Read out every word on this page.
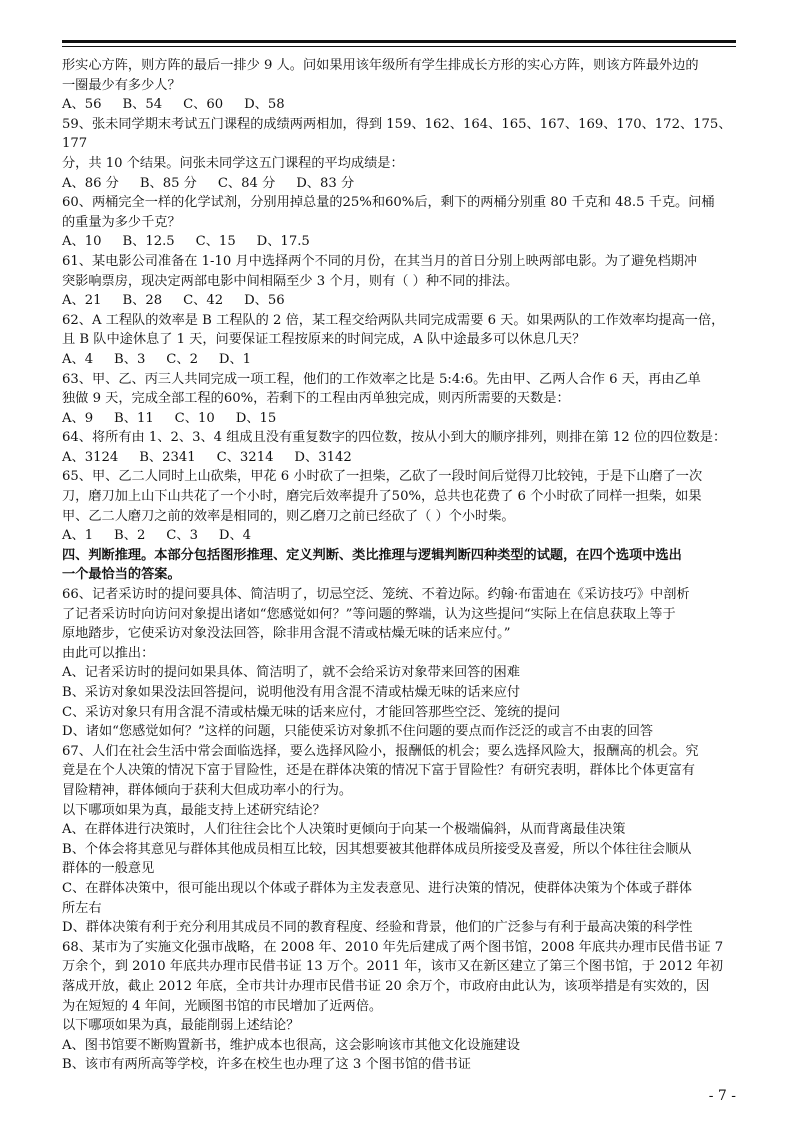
形实心方阵，则方阵的最后一排少 9 人。问如果用该年级所有学生排成长方形的实心方阵，则该方阵最外边的

一圈最少有多少人？

A、56     B、54     C、60     D、58

59、张未同学期末考试五门课程的成绩两两相加，得到 159、162、164、165、167、169、170、172、175、177

分，共 10 个结果。问张未同学这五门课程的平均成绩是：

A、86 分     B、85 分     C、84 分     D、83 分

60、两桶完全一样的化学试剂，分别用掉总量的25%和60%后，剩下的两桶分别重 80 千克和 48.5 千克。问桶

的重量为多少千克？

A、10     B、12.5     C、15     D、17.5

61、某电影公司准备在 1-10 月中选择两个不同的月份，在其当月的首日分别上映两部电影。为了避免档期冲

突影响票房，现决定两部电影中间相隔至少 3 个月，则有（ ）种不同的排法。

A、21     B、28     C、42     D、56

62、A 工程队的效率是 B 工程队的 2 倍，某工程交给两队共同完成需要 6 天。如果两队的工作效率均提高一倍，

且 B 队中途休息了 1 天，问要保证工程按原来的时间完成，A 队中途最多可以休息几天？

A、4     B、3     C、2     D、1

63、甲、乙、丙三人共同完成一项工程，他们的工作效率之比是 5:4:6。先由甲、乙两人合作 6 天，再由乙单

独做 9 天，完成全部工程的60%，若剩下的工程由丙单独完成，则丙所需要的天数是：

A、9     B、11     C、10     D、15

64、将所有由 1、2、3、4 组成且没有重复数字的四位数，按从小到大的顺序排列，则排在第 12 位的四位数是：

A、3124     B、2341     C、3214     D、3142

65、甲、乙二人同时上山砍柴，甲花 6 小时砍了一担柴，乙砍了一段时间后觉得刀比较钝，于是下山磨了一次

刀，磨刀加上山下山共花了一个小时，磨完后效率提升了50%，总共也花费了 6 个小时砍了同样一担柴，如果

甲、乙二人磨刀之前的效率是相同的，则乙磨刀之前已经砍了（ ）个小时柴。

A、1     B、2     C、3     D、4

四、判断推理。本部分包括图形推理、定义判断、类比推理与逻辑判断四种类型的试题，在四个选项中选出

一个最恰当的答案。

66、记者采访时的提问要具体、简洁明了，切忌空泛、笼统、不着边际。约翰·布雷迪在《采访技巧》中剖析

了记者采访时向访问对象提出诸如“您感觉如何？”等问题的弊端，认为这些提问“实际上在信息获取上等于

原地踏步，它使采访对象没法回答，除非用含混不清或枯燥无味的话来应付。”

由此可以推出：

A、记者采访时的提问如果具体、简洁明了，就不会给采访对象带来回答的困难

B、采访对象如果没法回答提问，说明他没有用含混不清或枯燥无味的话来应付

C、采访对象只有用含混不清或枯燥无味的话来应付，才能回答那些空泛、笼统的提问

D、诸如“您感觉如何？”这样的问题，只能使采访对象抓不住问题的要点而作泛泛的或言不由衷的回答

67、人们在社会生活中常会面临选择，要么选择风险小，报酬低的机会；要么选择风险大，报酬高的机会。究

竟是在个人决策的情况下富于冒险性，还是在群体决策的情况下富于冒险性？有研究表明，群体比个体更富有

冒险精神，群体倾向于获利大但成功率小的行为。

以下哪项如果为真，最能支持上述研究结论？

A、在群体进行决策时，人们往往会比个人决策时更倾向于向某一个极端偏斜，从而背离最佳决策

B、个体会将其意见与群体其他成员相互比较，因其想要被其他群体成员所接受及喜爱，所以个体往往会顺从

群体的一般意见

C、在群体决策中，很可能出现以个体或子群体为主发表意见、进行决策的情况，使群体决策为个体或子群体

所左右

D、群体决策有利于充分利用其成员不同的教育程度、经验和背景，他们的广泛参与有利于最高决策的科学性

68、某市为了实施文化强市战略，在 2008 年、2010 年先后建成了两个图书馆，2008 年底共办理市民借书证 7

万余个，到 2010 年底共办理市民借书证 13 万个。2011 年，该市又在新区建立了第三个图书馆，于 2012 年初

落成开放，截止 2012 年底，全市共计办理市民借书证 20 余万个，市政府由此认为，该项举措是有实效的，因

为在短短的 4 年间，光顾图书馆的市民增加了近两倍。

以下哪项如果为真，最能削弱上述结论？

A、图书馆要不断购置新书，维护成本也很高，这会影响该市其他文化设施建设

B、该市有两所高等学校，许多在校生也办理了这 3 个图书馆的借书证

- 7 -
